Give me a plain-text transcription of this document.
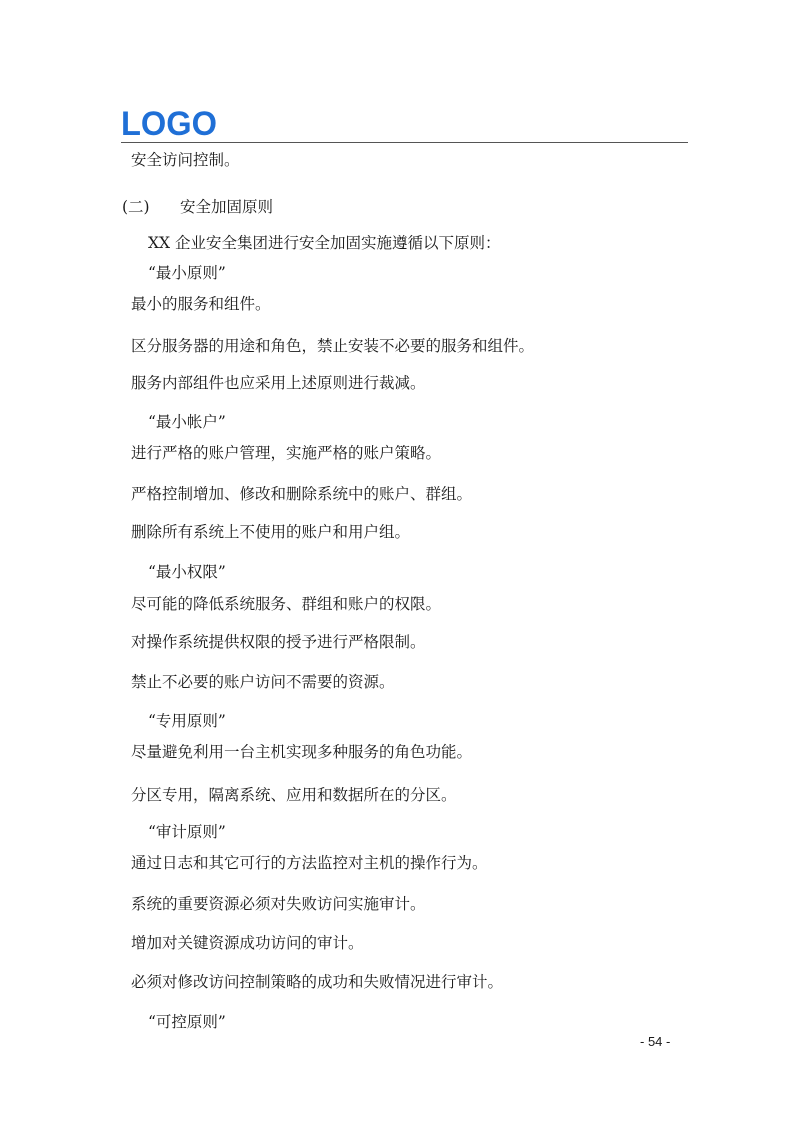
LOGO
安全访问控制。
(二) 安全加固原则
XX 企业安全集团进行安全加固实施遵循以下原则：
“最小原则”
最小的服务和组件。
区分服务器的用途和角色，禁止安装不必要的服务和组件。
服务内部组件也应采用上述原则进行裁减。
“最小帐户”
进行严格的账户管理，实施严格的账户策略。
严格控制增加、修改和删除系统中的账户、群组。
删除所有系统上不使用的账户和用户组。
“最小权限”
尽可能的降低系统服务、群组和账户的权限。
对操作系统提供权限的授予进行严格限制。
禁止不必要的账户访问不需要的资源。
“专用原则”
尽量避免利用一台主机实现多种服务的角色功能。
分区专用，隔离系统、应用和数据所在的分区。
“审计原则”
通过日志和其它可行的方法监控对主机的操作行为。
系统的重要资源必须对失败访问实施审计。
增加对关键资源成功访问的审计。
必须对修改访问控制策略的成功和失败情况进行审计。
“可控原则”
- 54 -
